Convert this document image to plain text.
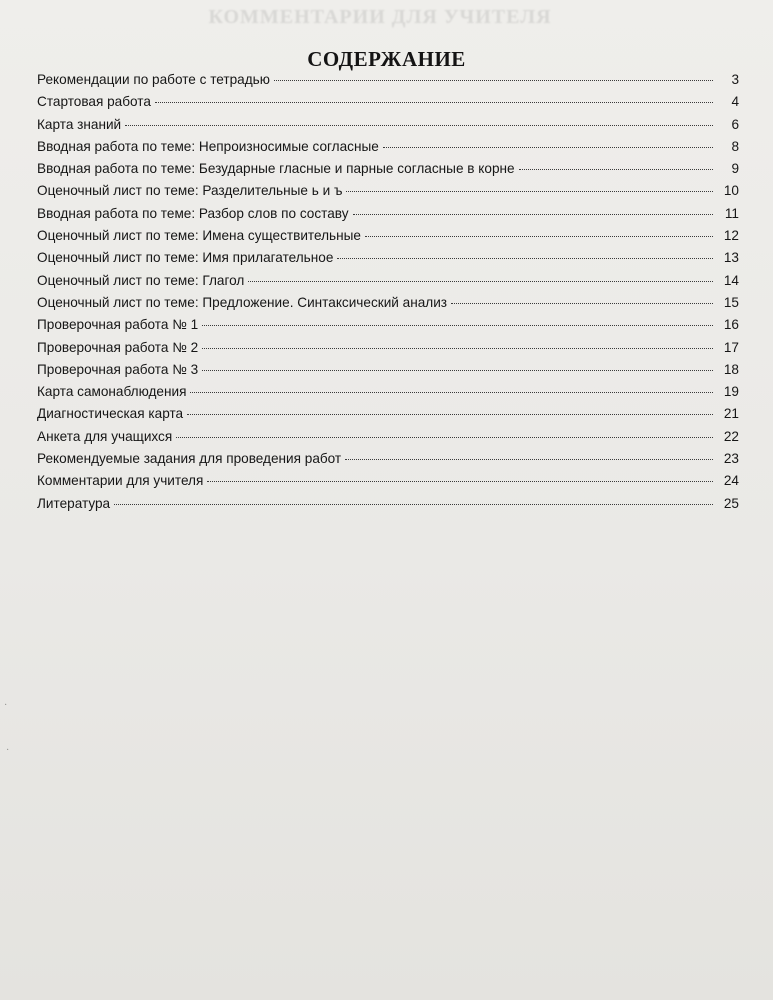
КОММЕНТАРИИ ДЛЯ УЧИТЕЛЯ
СОДЕРЖАНИЕ
Рекомендации по работе с тетрадью	3
Стартовая работа	4
Карта знаний	6
Вводная работа по теме: Непроизносимые согласные	8
Вводная работа по теме: Безударные гласные и парные согласные в корне	9
Оценочный лист по теме: Разделительные ь и ъ	10
Вводная работа по теме: Разбор слов по составу	11
Оценочный лист по теме: Имена существительные	12
Оценочный лист по теме: Имя прилагательное	13
Оценочный лист по теме: Глагол	14
Оценочный лист по теме: Предложение. Синтаксический анализ	15
Проверочная работа № 1	16
Проверочная работа № 2	17
Проверочная работа № 3	18
Карта самонаблюдения	19
Диагностическая карта	21
Анкета для учащихся	22
Рекомендуемые задания для проведения работ	23
Комментарии для учителя	24
Литература	25
·
·
